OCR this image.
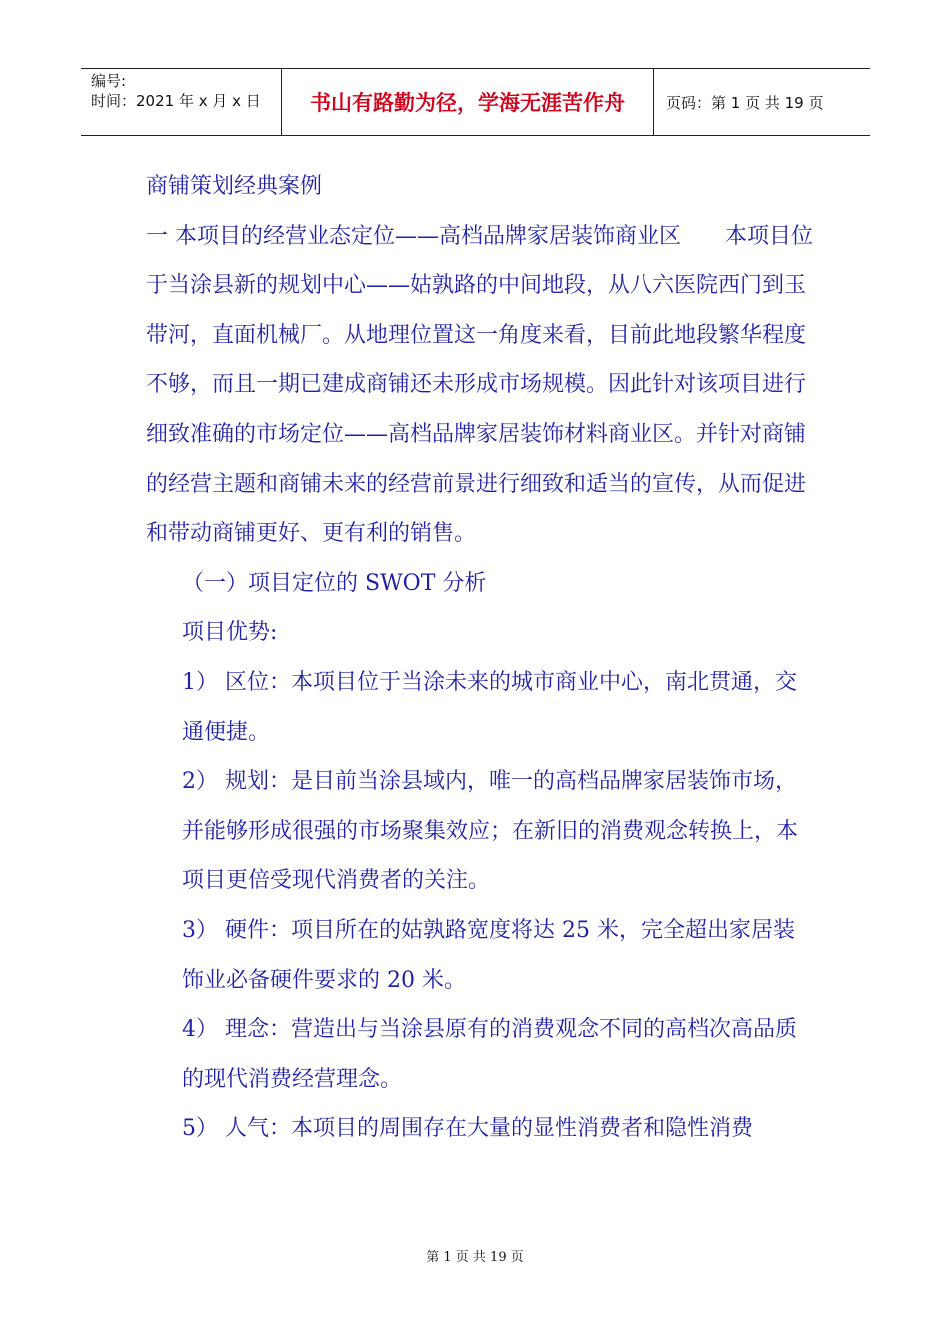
编号:
时间：2021 年 x 月 x 日	书山有路勤为径，学海无涯苦作舟	页码：第 1 页 共 19 页

商铺策划经典案例

一 本项目的经营业态定位——高档品牌家居装饰商业区　　本项目位于当涂县新的规划中心——姑孰路的中间地段，从八六医院西门到玉带河，直面机械厂。从地理位置这一角度来看，目前此地段繁华程度不够，而且一期已建成商铺还未形成市场规模。因此针对该项目进行细致准确的市场定位——高档品牌家居装饰材料商业区。并针对商铺的经营主题和商铺未来的经营前景进行细致和适当的宣传，从而促进和带动商铺更好、更有利的销售。

（一）项目定位的 SWOT 分析

项目优势:

1） 区位：本项目位于当涂未来的城市商业中心，南北贯通，交通便捷。

2） 规划：是目前当涂县域内，唯一的高档品牌家居装饰市场，并能够形成很强的市场聚集效应；在新旧的消费观念转换上，本项目更倍受现代消费者的关注。

3） 硬件：项目所在的姑孰路宽度将达 25 米，完全超出家居装饰业必备硬件要求的 20 米。

4） 理念：营造出与当涂县原有的消费观念不同的高档次高品质的现代消费经营理念。

5） 人气：本项目的周围存在大量的显性消费者和隐性消费

第 1 页 共 19 页
